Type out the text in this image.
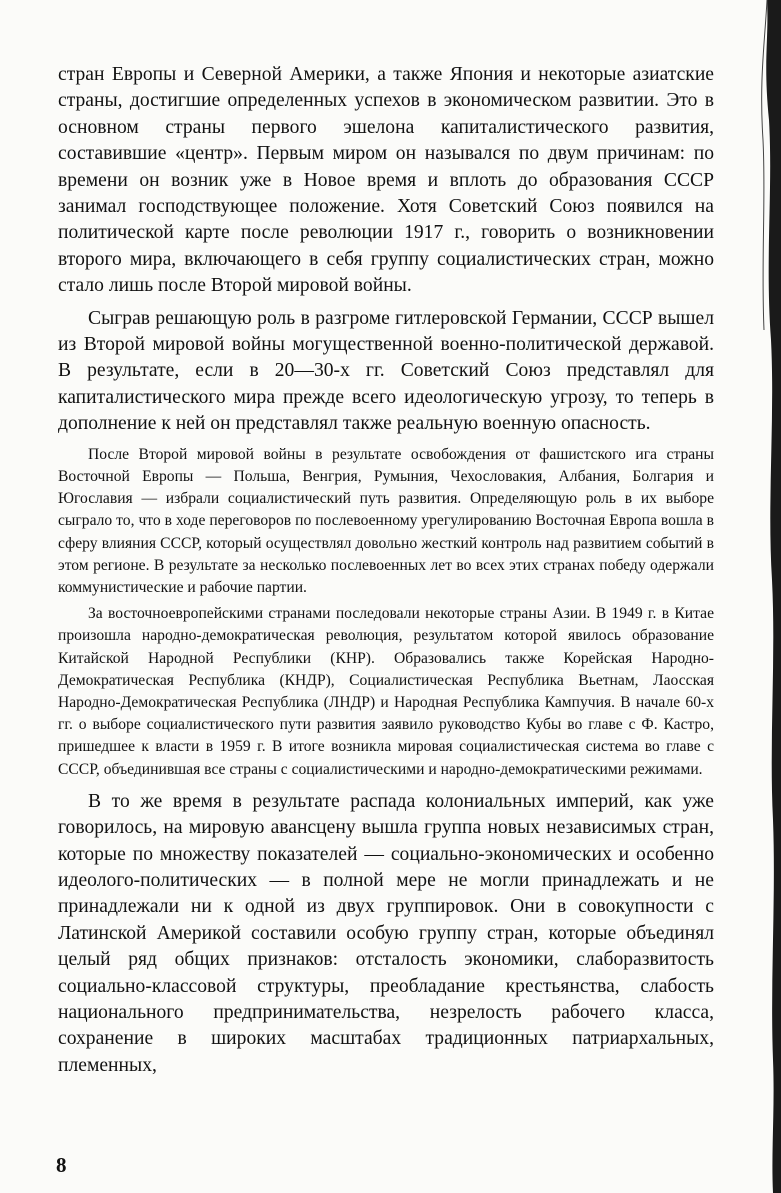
стран Европы и Северной Америки, а также Япония и некоторые азиатские страны, достигшие определенных успехов в экономическом развитии. Это в основном страны первого эшелона капиталистического развития, составившие «центр». Первым миром он назывался по двум причинам: по времени он возник уже в Новое время и вплоть до образования СССР занимал господствующее положение. Хотя Советский Союз появился на политической карте после революции 1917 г., говорить о возникновении второго мира, включающего в себя группу социалистических стран, можно стало лишь после Второй мировой войны.

Сыграв решающую роль в разгроме гитлеровской Германии, СССР вышел из Второй мировой войны могущественной военно-политической державой. В результате, если в 20—30-х гг. Советский Союз представлял для капиталистического мира прежде всего идеологическую угрозу, то теперь в дополнение к ней он представлял также реальную военную опасность.

После Второй мировой войны в результате освобождения от фашистского ига страны Восточной Европы — Польша, Венгрия, Румыния, Чехословакия, Албания, Болгария и Югославия — избрали социалистический путь развития. Определяющую роль в их выборе сыграло то, что в ходе переговоров по послевоенному урегулированию Восточная Европа вошла в сферу влияния СССР, который осуществлял довольно жесткий контроль над развитием событий в этом регионе. В результате за несколько послевоенных лет во всех этих странах победу одержали коммунистические и рабочие партии.

За восточноевропейскими странами последовали некоторые страны Азии. В 1949 г. в Китае произошла народно-демократическая революция, результатом которой явилось образование Китайской Народной Республики (КНР). Образовались также Корейская Народно-Демократическая Республика (КНДР), Социалистическая Республика Вьетнам, Лаосская Народно-Демократическая Республика (ЛНДР) и Народная Республика Кампучия. В начале 60-х гг. о выборе социалистического пути развития заявило руководство Кубы во главе с Ф. Кастро, пришедшее к власти в 1959 г. В итоге возникла мировая социалистическая система во главе с СССР, объединившая все страны с социалистическими и народно-демократическими режимами.

В то же время в результате распада колониальных империй, как уже говорилось, на мировую авансцену вышла группа новых независимых стран, которые по множеству показателей — социально-экономических и особенно идеолого-политических — в полной мере не могли принадлежать и не принадлежали ни к одной из двух группировок. Они в совокупности с Латинской Америкой составили особую группу стран, которые объединял целый ряд общих признаков: отсталость экономики, слаборазвитость социально-классовой структуры, преобладание крестьянства, слабость национального предпринимательства, незрелость рабочего класса, сохранение в широких масштабах традиционных патриархальных, племенных,

8
